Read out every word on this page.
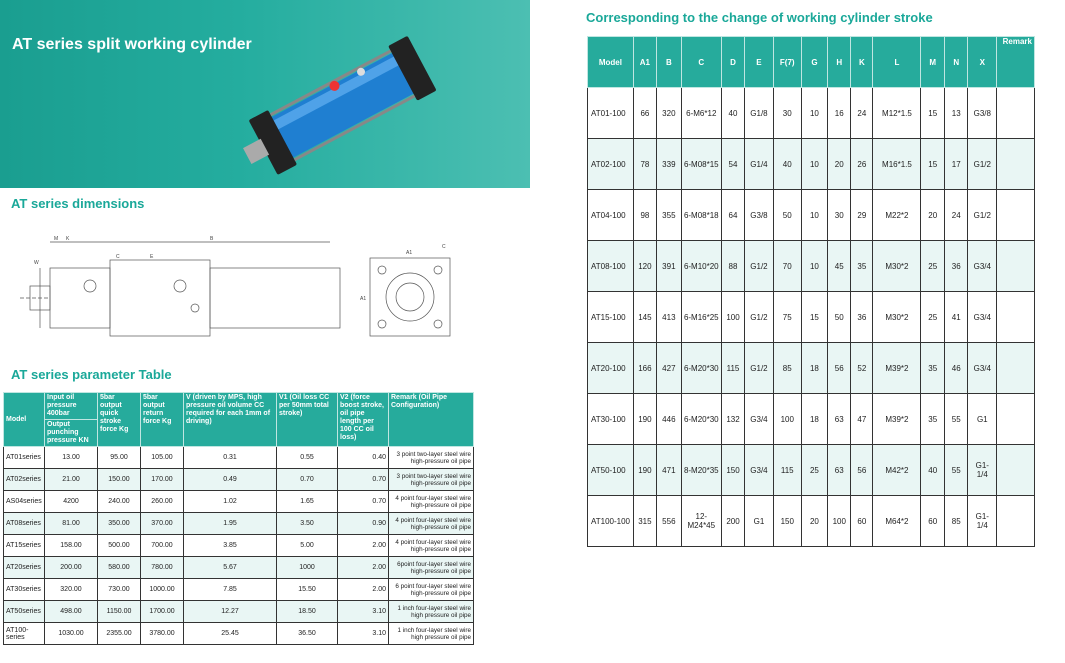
AT series split working cylinder
AT series dimensions
M K	B
W
C	E
A1
C
A1
AT series parameter Table
Model	Input oil pressure 400bar	5bar output quick stroke force Kg	5bar output return force Kg	V (driven by MPS, high pressure oil volume CC required for each 1mm of driving)	V1 (Oil loss CC per 50mm total stroke)	V2 (force boost stroke, oil pipe length per 100 CC oil loss)	Remark (Oil Pipe Configuration)
	Output punching pressure KN						
AT01series	13.00	95.00	105.00	0.31	0.55	0.40	3 point two-layer steel wire high-pressure oil pipe
AT02series	21.00	150.00	170.00	0.49	0.70	0.70	3 point two-layer steel wire high-pressure oil pipe
AS04series	4200	240.00	260.00	1.02	1.65	0.70	4 point four-layer steel wire high-pressure oil pipe
AT08series	81.00	350.00	370.00	1.95	3.50	0.90	4 point four-layer steel wire high-pressure oil pipe
AT15series	158.00	500.00	700.00	3.85	5.00	2.00	4 point four-layer steel wire high-pressure oil pipe
AT20series	200.00	580.00	780.00	5.67	1000	2.00	6point four-layer steel wire high-pressure oil pipe
AT30series	320.00	730.00	1000.00	7.85	15.50	2.00	6 point four-layer steel wire high-pressure oil pipe
AT50series	498.00	1150.00	1700.00	12.27	18.50	3.10	1 inch four-layer steel wire high pressure oil pipe
AT100-series	1030.00	2355.00	3780.00	25.45	36.50	3.10	1 inch four-layer steel wire high pressure oil pipe
Corresponding to the change of working cylinder stroke
Model	A1	B	C	D	E	F(7)	G	H	K	L	M	N	X	Remark
AT01-100	66	320	6-M6*12	40	G1/8	30	10	16	24	M12*1.5	15	13	G3/8	
AT02-100	78	339	6-M08*15	54	G1/4	40	10	20	26	M16*1.5	15	17	G1/2	
AT04-100	98	355	6-M08*18	64	G3/8	50	10	30	29	M22*2	20	24	G1/2	
AT08-100	120	391	6-M10*20	88	G1/2	70	10	45	35	M30*2	25	36	G3/4	
AT15-100	145	413	6-M16*25	100	G1/2	75	15	50	36	M30*2	25	41	G3/4	
AT20-100	166	427	6-M20*30	115	G1/2	85	18	56	52	M39*2	35	46	G3/4	
AT30-100	190	446	6-M20*30	132	G3/4	100	18	63	47	M39*2	35	55	G1	
AT50-100	190	471	8-M20*35	150	G3/4	115	25	63	56	M42*2	40	55	G1-1/4	
AT100-100	315	556	12-M24*45	200	G1	150	20	100	60	M64*2	60	85	G1-1/4	
